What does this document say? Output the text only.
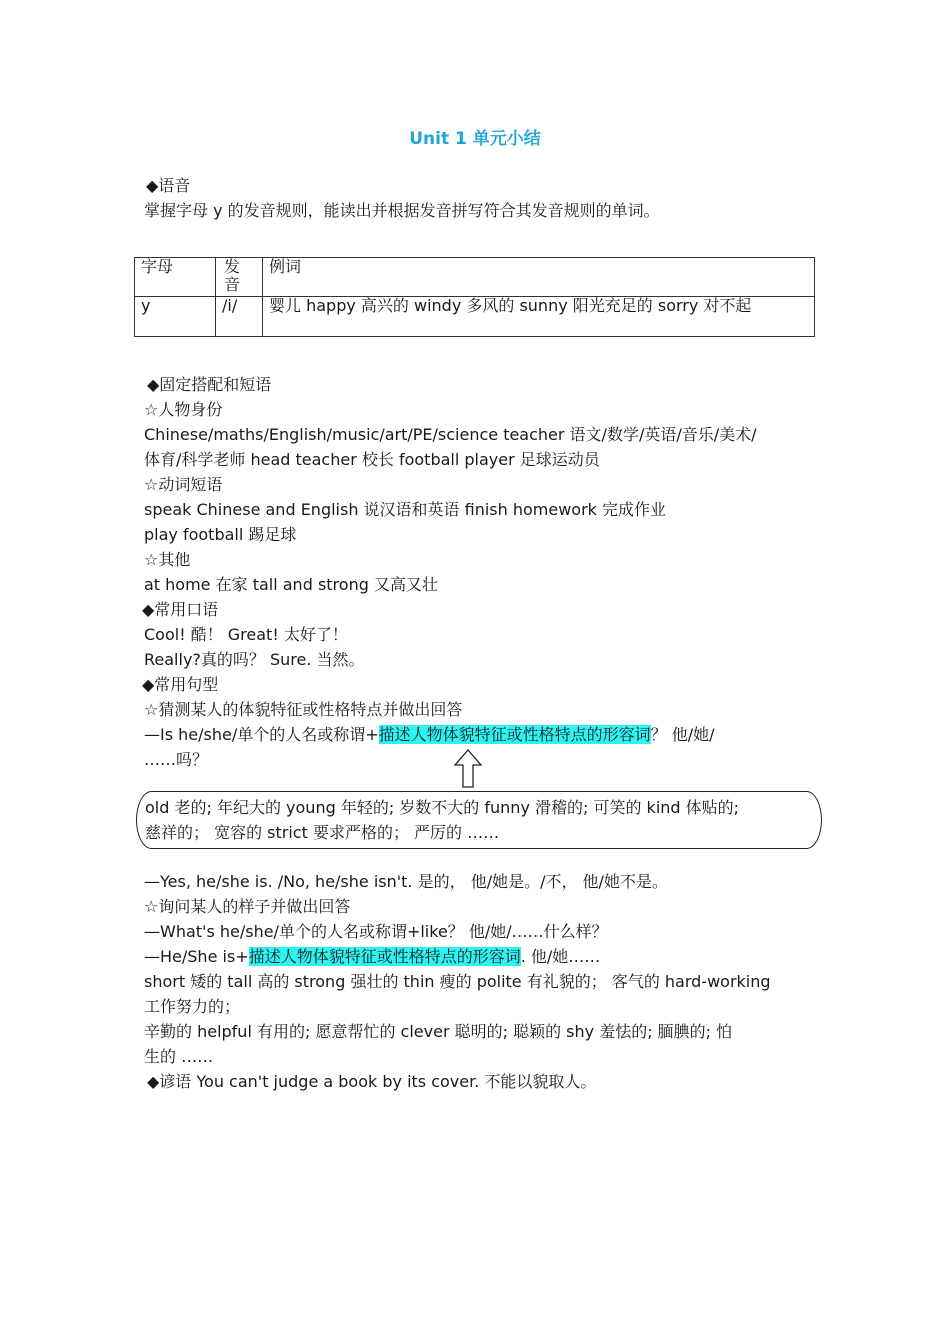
Unit 1 单元小结
◆语音
掌握字母 y 的发音规则，能读出并根据发音拼写符合其发音规则的单词。
字母	发音	例词
y	/i/	婴儿 happy 高兴的 windy 多风的 sunny 阳光充足的 sorry 对不起
◆固定搭配和短语
☆人物身份
Chinese/maths/English/music/art/PE/science teacher 语文/数学/英语/音乐/美术/
体育/科学老师 head teacher 校长 football player 足球运动员
☆动词短语
speak Chinese and English 说汉语和英语 finish homework 完成作业
play football 踢足球
☆其他
at home 在家 tall and strong 又高又壮
◆常用口语
Cool! 酷！ Great! 太好了！
Really?真的吗？ Sure. 当然。
◆常用句型
☆猜测某人的体貌特征或性格特点并做出回答
—Is he/she/单个的人名或称谓+描述人物体貌特征或性格特点的形容词？ 他/她/
……吗？
old 老的; 年纪大的 young 年轻的; 岁数不大的 funny 滑稽的; 可笑的 kind 体贴的;
慈祥的； 宽容的 strict 要求严格的； 严厉的 ……
—Yes, he/she is. /No, he/she isn't. 是的， 他/她是。/不， 他/她不是。
☆询问某人的样子并做出回答
—What's he/she/单个的人名或称谓+like？ 他/她/……什么样？
—He/She is+描述人物体貌特征或性格特点的形容词. 他/她……
short 矮的 tall 高的 strong 强壮的 thin 瘦的 polite 有礼貌的； 客气的 hard-working
工作努力的；
辛勤的 helpful 有用的; 愿意帮忙的 clever 聪明的; 聪颖的 shy 羞怯的; 腼腆的; 怕
生的 ……
◆谚语 You can't judge a book by its cover. 不能以貌取人。
